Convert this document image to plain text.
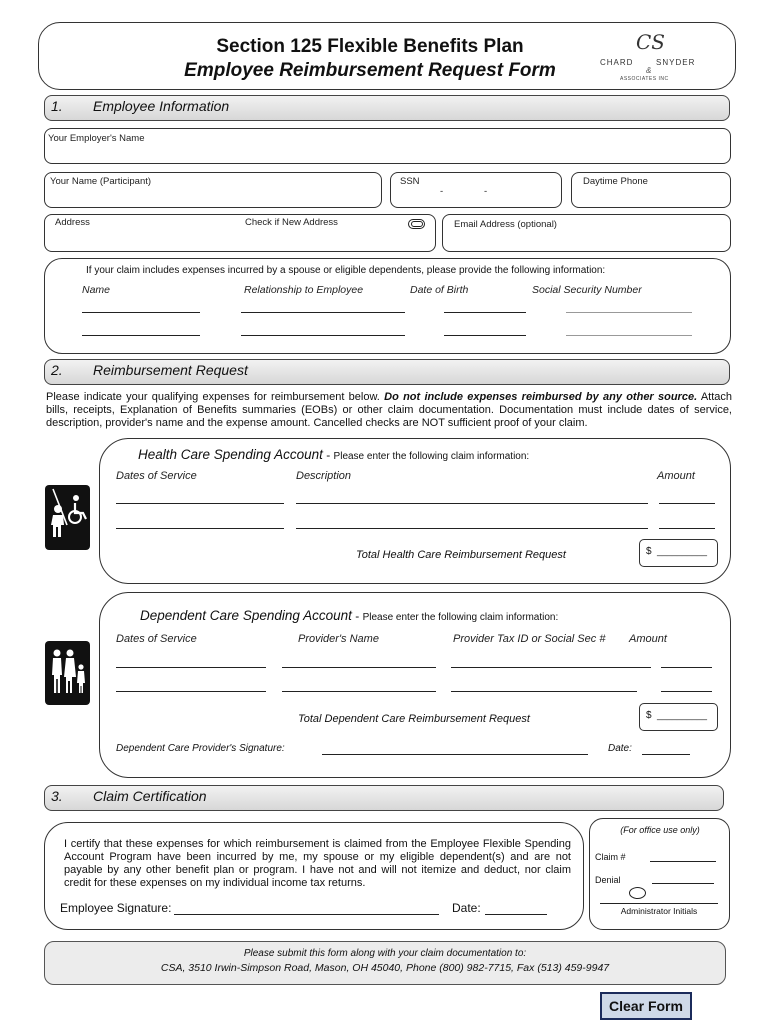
Section 125 Flexible Benefits Plan
Employee Reimbursement Request Form
CS
CHARD	SNYDER
&
ASSOCIATES INC
1. Employee Information
Your Employer's Name
Your Name (Participant)	SSN
-	-
Daytime Phone
Address	Check if New Address	Email Address (optional)
If your claim includes expenses incurred by a spouse or eligible dependents, please provide the following information:
Name	Relationship to Employee	Date of Birth	Social Security Number
2. Reimbursement Request
Please indicate your qualifying expenses for reimbursement below. Do not include expenses reimbursed by any other source. Attach bills, receipts, Explanation of Benefits summaries (EOBs) or other claim documentation. Documentation must include dates of service, description, provider's name and the expense amount. Cancelled checks are NOT sufficient proof of your claim.
Health Care Spending Account - Please enter the following claim information:
Dates of Service	Description	Amount
Total Health Care Reimbursement Request	$ __________
Dependent Care Spending Account - Please enter the following claim information:
Dates of Service	Provider's Name	Provider Tax ID or Social Sec # Amount
Total Dependent Care Reimbursement Request	$ __________
Dependent Care Provider's Signature:	Date:
3. Claim Certification
I certify that these expenses for which reimbursement is claimed from the Employee Flexible Spending Account Program have been incurred by me, my spouse or my eligible dependent(s) and are not payable by any other benefit plan or program. I have not and will not itemize and deduct, nor claim credit for these expenses on my individual income tax returns.
Employee Signature:	Date:
(For office use only)
Claim #
Denial
Administrator Initials
Please submit this form along with your claim documentation to:
CSA, 3510 Irwin-Simpson Road, Mason, OH 45040, Phone (800) 982-7715, Fax (513) 459-9947
Clear Form
